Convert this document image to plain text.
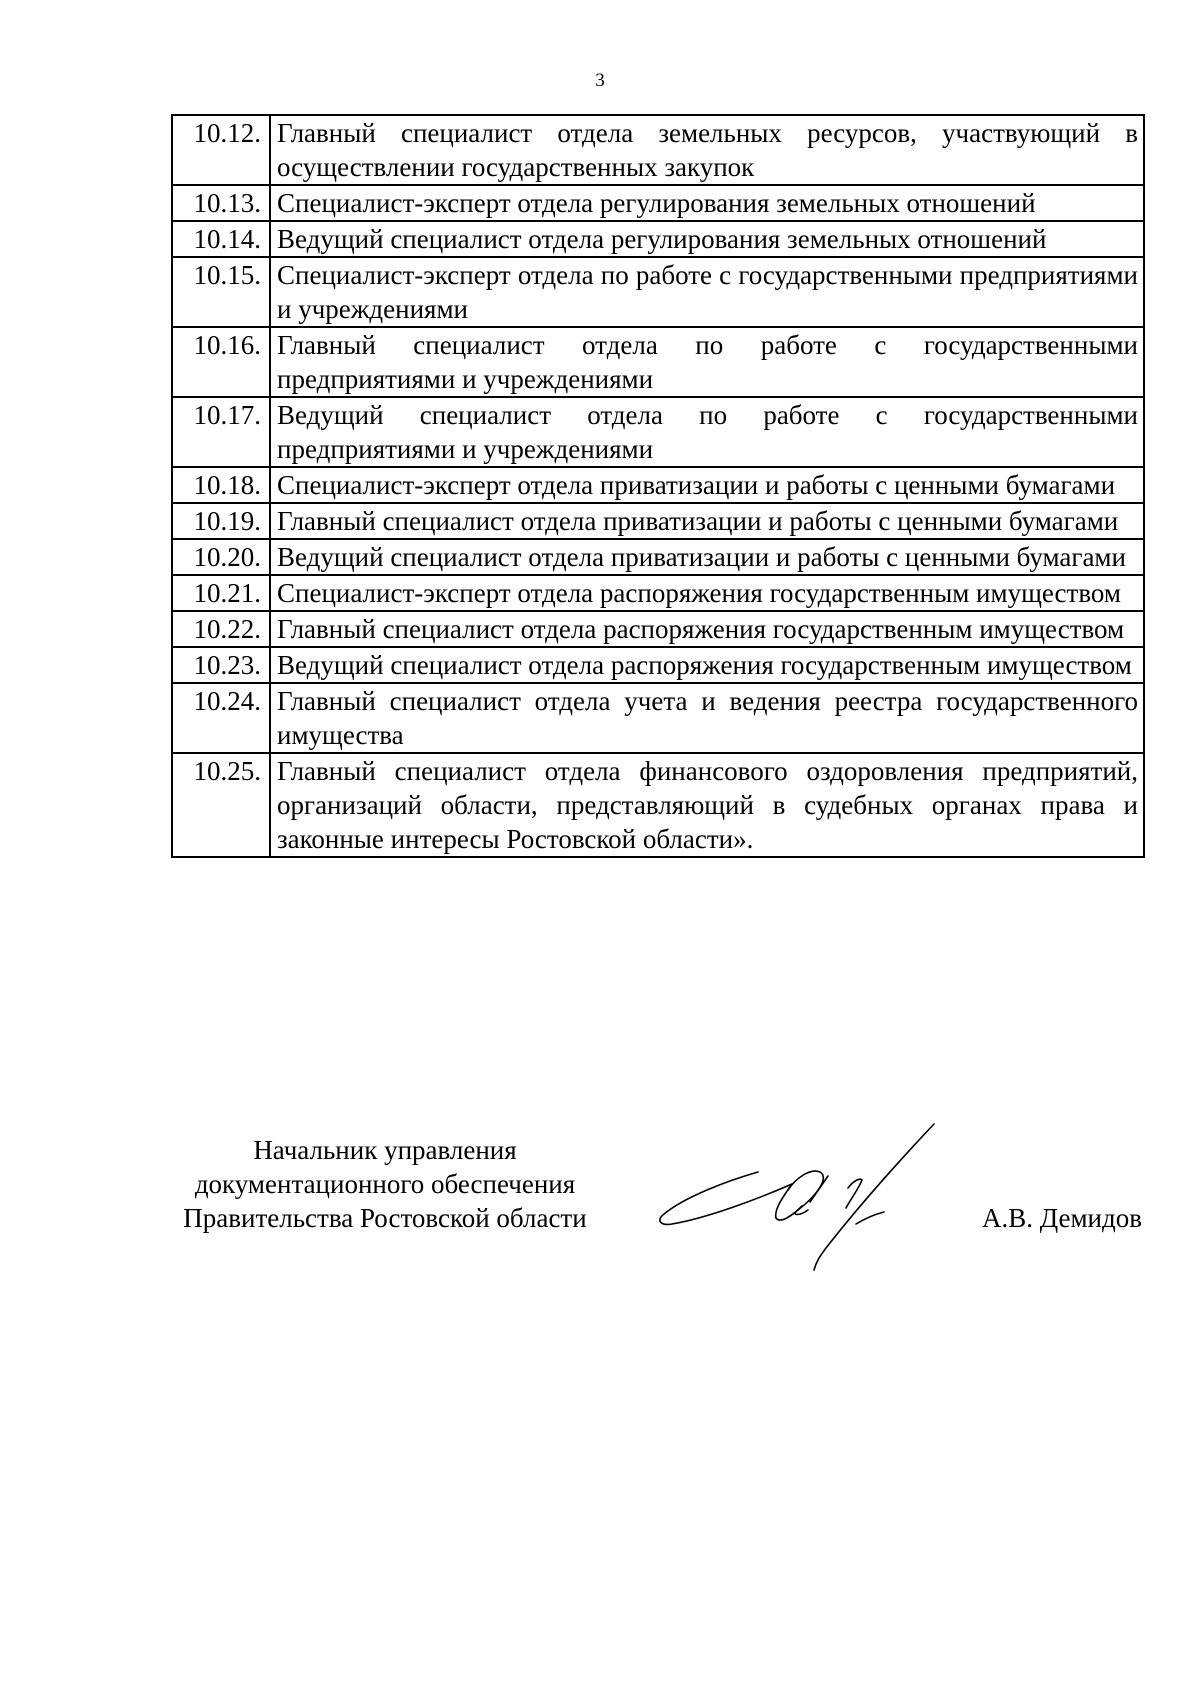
3
10.12.	Главный специалист отдела земельных ресурсов, участвующий в осуществлении государственных закупок
10.13.	Специалист-эксперт отдела регулирования земельных отношений
10.14.	Ведущий специалист отдела регулирования земельных отношений
10.15.	Специалист-эксперт отдела по работе с государственными предприятиями и учреждениями
10.16.	Главный специалист отдела по работе с государственными предприятиями и учреждениями
10.17.	Ведущий специалист отдела по работе с государственными предприятиями и учреждениями
10.18.	Специалист-эксперт отдела приватизации и работы с ценными бумагами
10.19.	Главный специалист отдела приватизации и работы с ценными бумагами
10.20.	Ведущий специалист отдела приватизации и работы с ценными бумагами
10.21.	Специалист-эксперт отдела распоряжения государственным имуществом
10.22.	Главный специалист отдела распоряжения государственным имуществом
10.23.	Ведущий специалист отдела распоряжения государственным имуществом
10.24.	Главный специалист отдела учета и ведения реестра государственного имущества
10.25.	Главный специалист отдела финансового оздоровления предприятий, организаций области, представляющий в судебных органах права и законные интересы Ростовской области».
Начальник управления
документационного обеспечения
Правительства Ростовской области	А.В. Демидов
